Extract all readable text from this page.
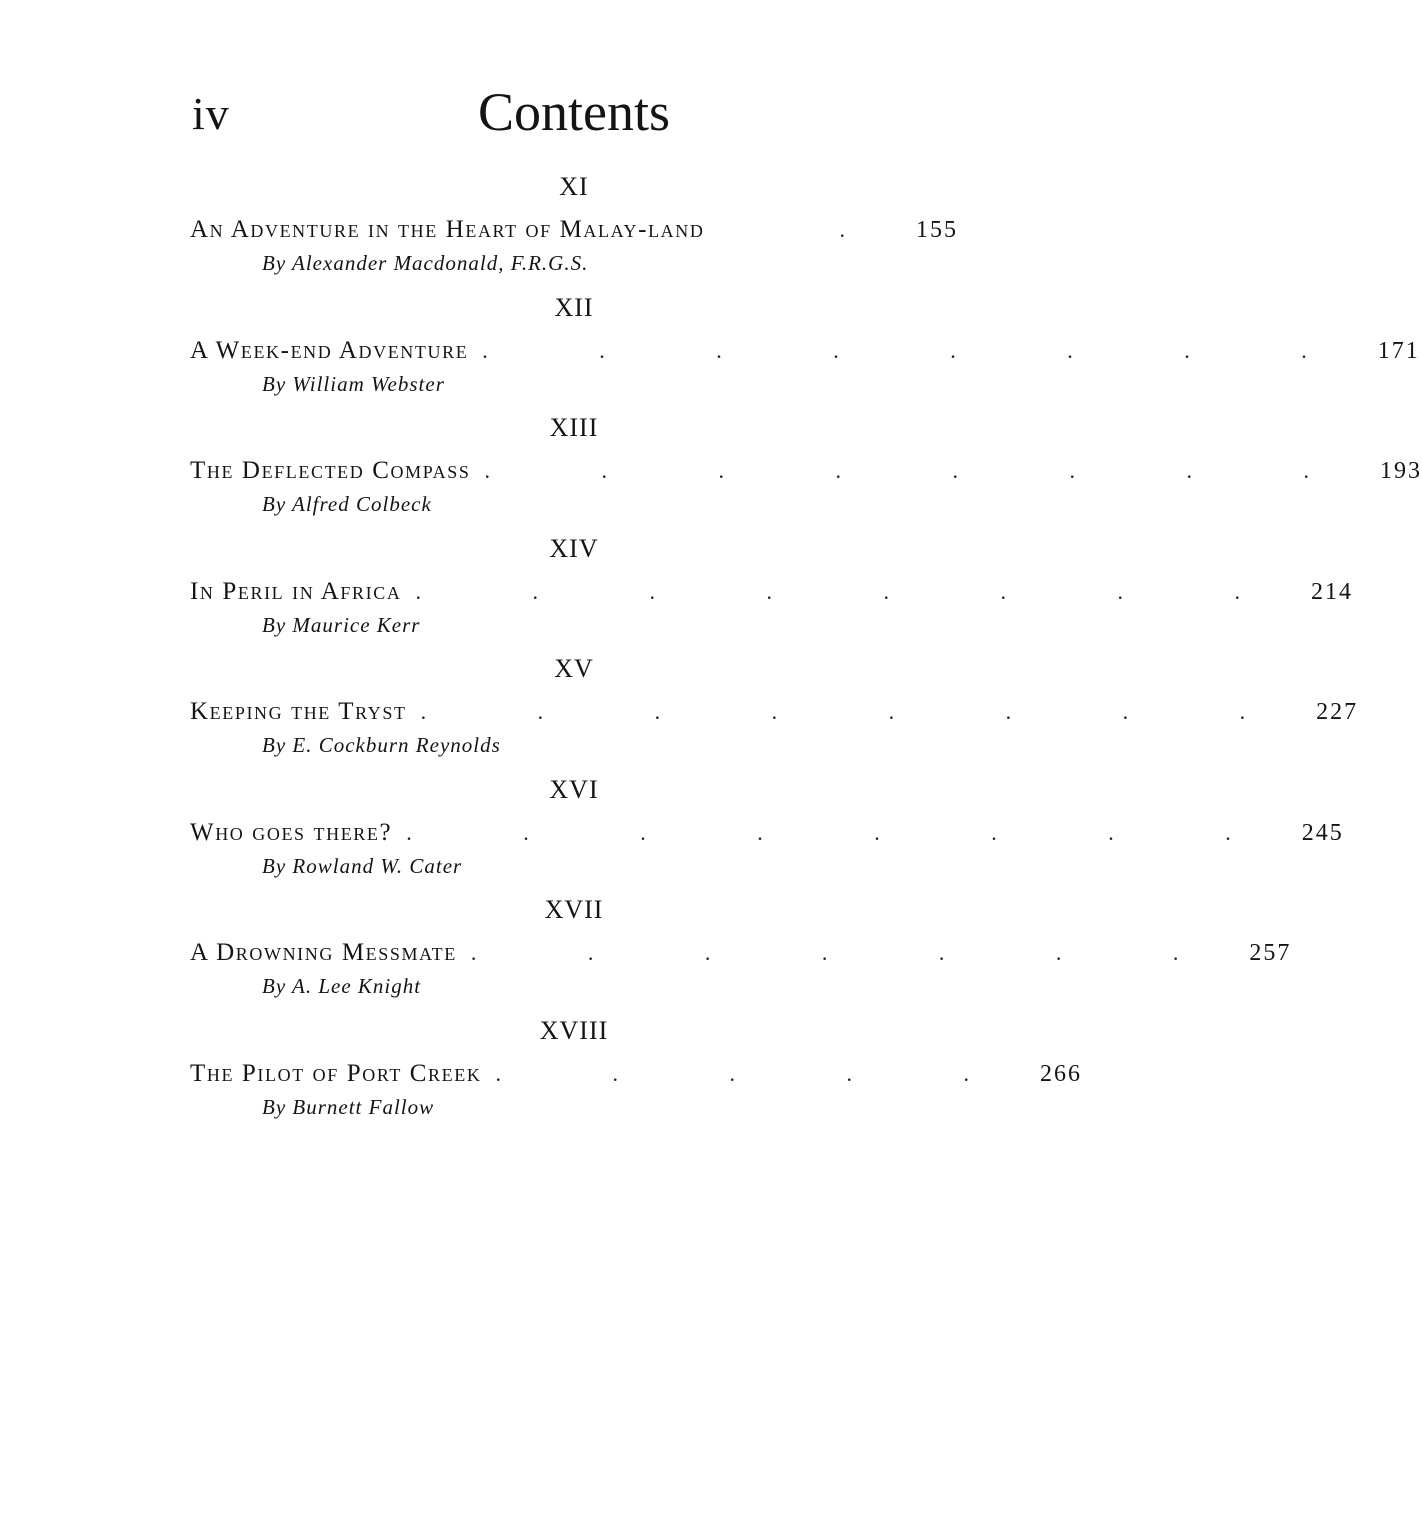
iv	Contents
XI
An Adventure in the Heart of Malay-land	. 155
By Alexander Macdonald, F.R.G.S.
XII
A Week-end Adventure . . . . . . . . 171
By William Webster
XIII
The Deflected Compass . . . . . . . . 193
By Alfred Colbeck
XIV
In Peril in Africa . . . . . . . . 214
By Maurice Kerr
XV
Keeping the Tryst . . . . . . . . 227
By E. Cockburn Reynolds
XVI
Who goes there? . . . . . . . . 245
By Rowland W. Cater
XVII
A Drowning Messmate . . . . . . . 257
By A. Lee Knight
XVIII
The Pilot of Port Creek . . . . . 266
By Burnett Fallow
